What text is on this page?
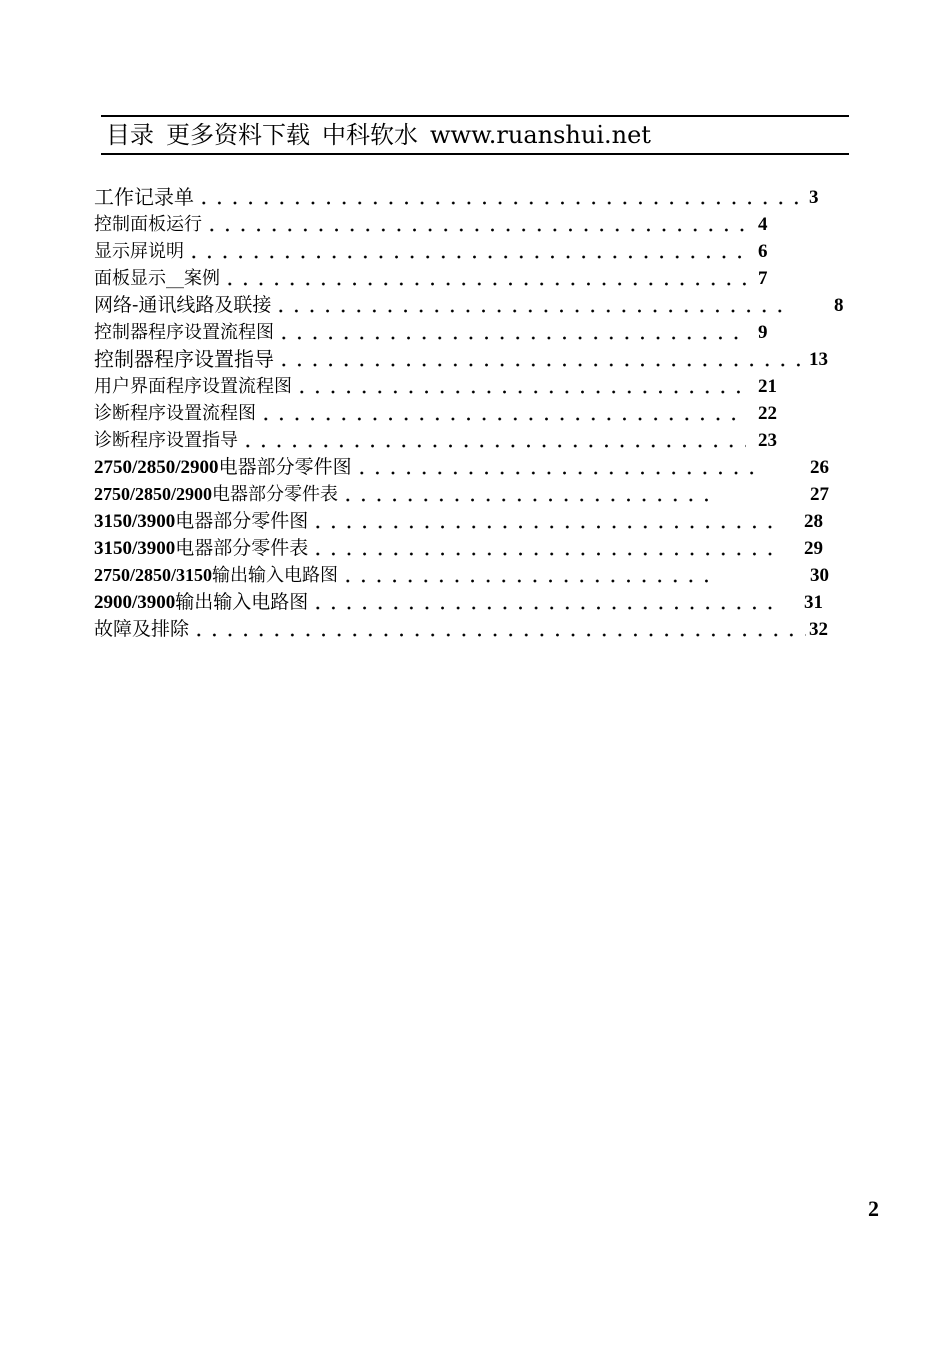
目录 更多资料下载 中科软水 www.ruanshui.net
工作记录单	3
控制面板运行	4
显示屏说明	6
面板显示__案例	7
网络-通讯线路及联接	8
控制器程序设置流程图	9
控制器程序设置指导	13
用户界面程序设置流程图	21
诊断程序设置流程图	22
诊断程序设置指导	23
2750/2850/2900电器部分零件图	26
2750/2850/2900电器部分零件表	27
3150/3900电器部分零件图	28
3150/3900电器部分零件表	29
2750/2850/3150输出输入电路图	30
2900/3900输出输入电路图	31
故障及排除	32
2
